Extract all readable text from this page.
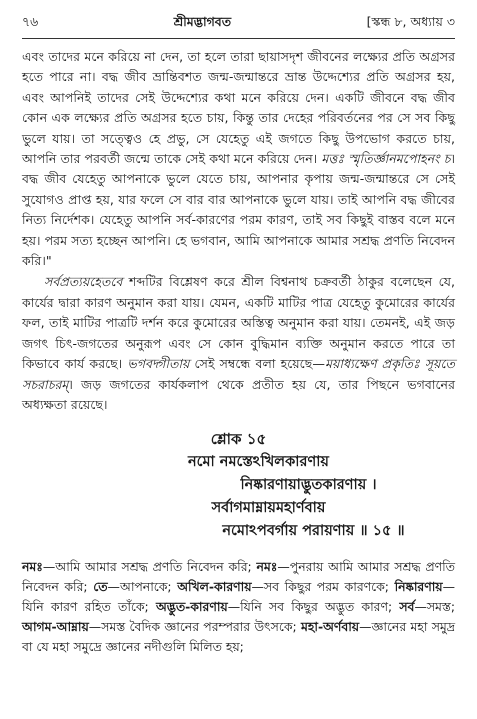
৭৬	শ্রীমদ্ভাগবত	[স্কন্ধ ৮, অধ্যায় ৩

এবং তাদের মনে করিয়ে না দেন, তা হলে তারা ছায়াসদৃশ জীবনের লক্ষ্যের প্রতি অগ্রসর হতে পারে না। বদ্ধ জীব ভ্রান্তিবশত জন্ম-জন্মান্তরে ভ্রান্ত উদ্দেশ্যের প্রতি অগ্রসর হয়, এবং আপনিই তাদের সেই উদ্দেশ্যের কথা মনে করিয়ে দেন। একটি জীবনে বদ্ধ জীব কোন এক লক্ষ্যের প্রতি অগ্রসর হতে চায়, কিন্তু তার দেহের পরিবর্তনের পর সে সব কিছু ভুলে যায়। তা সত্ত্বেও হে প্রভু, সে যেহেতু এই জগতে কিছু উপভোগ করতে চায়, আপনি তার পরবর্তী জন্মে তাকে সেই কথা মনে করিয়ে দেন। মত্তঃ স্মৃতির্জ্ঞানমপোহনং চ। বদ্ধ জীব যেহেতু আপনাকে ভুলে যেতে চায়, আপনার কৃপায় জন্ম-জন্মান্তরে সে সেই সুযোগও প্রাপ্ত হয়, যার ফলে সে বার বার আপনাকে ভুলে যায়। তাই আপনি বদ্ধ জীবের নিত্য নির্দেশক। যেহেতু আপনি সর্ব-কারণের পরম কারণ, তাই সব কিছুই বাস্তব বলে মনে হয়। পরম সত্য হচ্ছেন আপনি। হে ভগবান, আমি আপনাকে আমার সশ্রদ্ধ প্রণতি নিবেদন করি।"

সর্বপ্রত্যয়হেতবে শব্দটির বিশ্লেষণ করে শ্রীল বিশ্বনাথ চক্রবর্তী ঠাকুর বলেছেন যে, কার্যের দ্বারা কারণ অনুমান করা যায়। যেমন, একটি মাটির পাত্র যেহেতু কুমোরের কার্যের ফল, তাই মাটির পাত্রটি দর্শন করে কুমোরের অস্তিত্ব অনুমান করা যায়। তেমনই, এই জড় জগৎ চিৎ-জগতের অনুরূপ এবং সে কোন বুদ্ধিমান ব্যক্তি অনুমান করতে পারে তা কিভাবে কার্য করছে। ভগবদ্গীতায় সেই সম্বন্ধে বলা হয়েছে—ময়াধ্যক্ষেণ প্রকৃতিঃ সূয়তে সচরাচরম্। জড় জগতের কার্যকলাপ থেকে প্রতীত হয় যে, তার পিছনে ভগবানের অধ্যক্ষতা রয়েছে।

শ্লোক ১৫
নমো নমস্তেঽখিলকারণায়
নিষ্কারণায়াদ্ভুতকারণায় ।
সর্বাগমাম্নায়মহার্ণবায়
নমোঽপবর্গায় পরায়ণায় ॥ ১৫ ॥

নমঃ—আমি আমার সশ্রদ্ধ প্রণতি নিবেদন করি; নমঃ—পুনরায় আমি আমার সশ্রদ্ধ প্রণতি নিবেদন করি; তে—আপনাকে; অখিল-কারণায়—সব কিছুর পরম কারণকে; নিষ্কারণায়—যিনি কারণ রহিত তাঁকে; অদ্ভুত-কারণায়—যিনি সব কিছুর অদ্ভুত কারণ; সর্ব—সমস্ত; আগম-আম্নায়—সমস্ত বৈদিক জ্ঞানের পরম্পরার উৎসকে; মহা-অর্ণবায়—জ্ঞানের মহা সমুদ্র বা যে মহা সমুদ্রে জ্ঞানের নদীগুলি মিলিত হয়;
